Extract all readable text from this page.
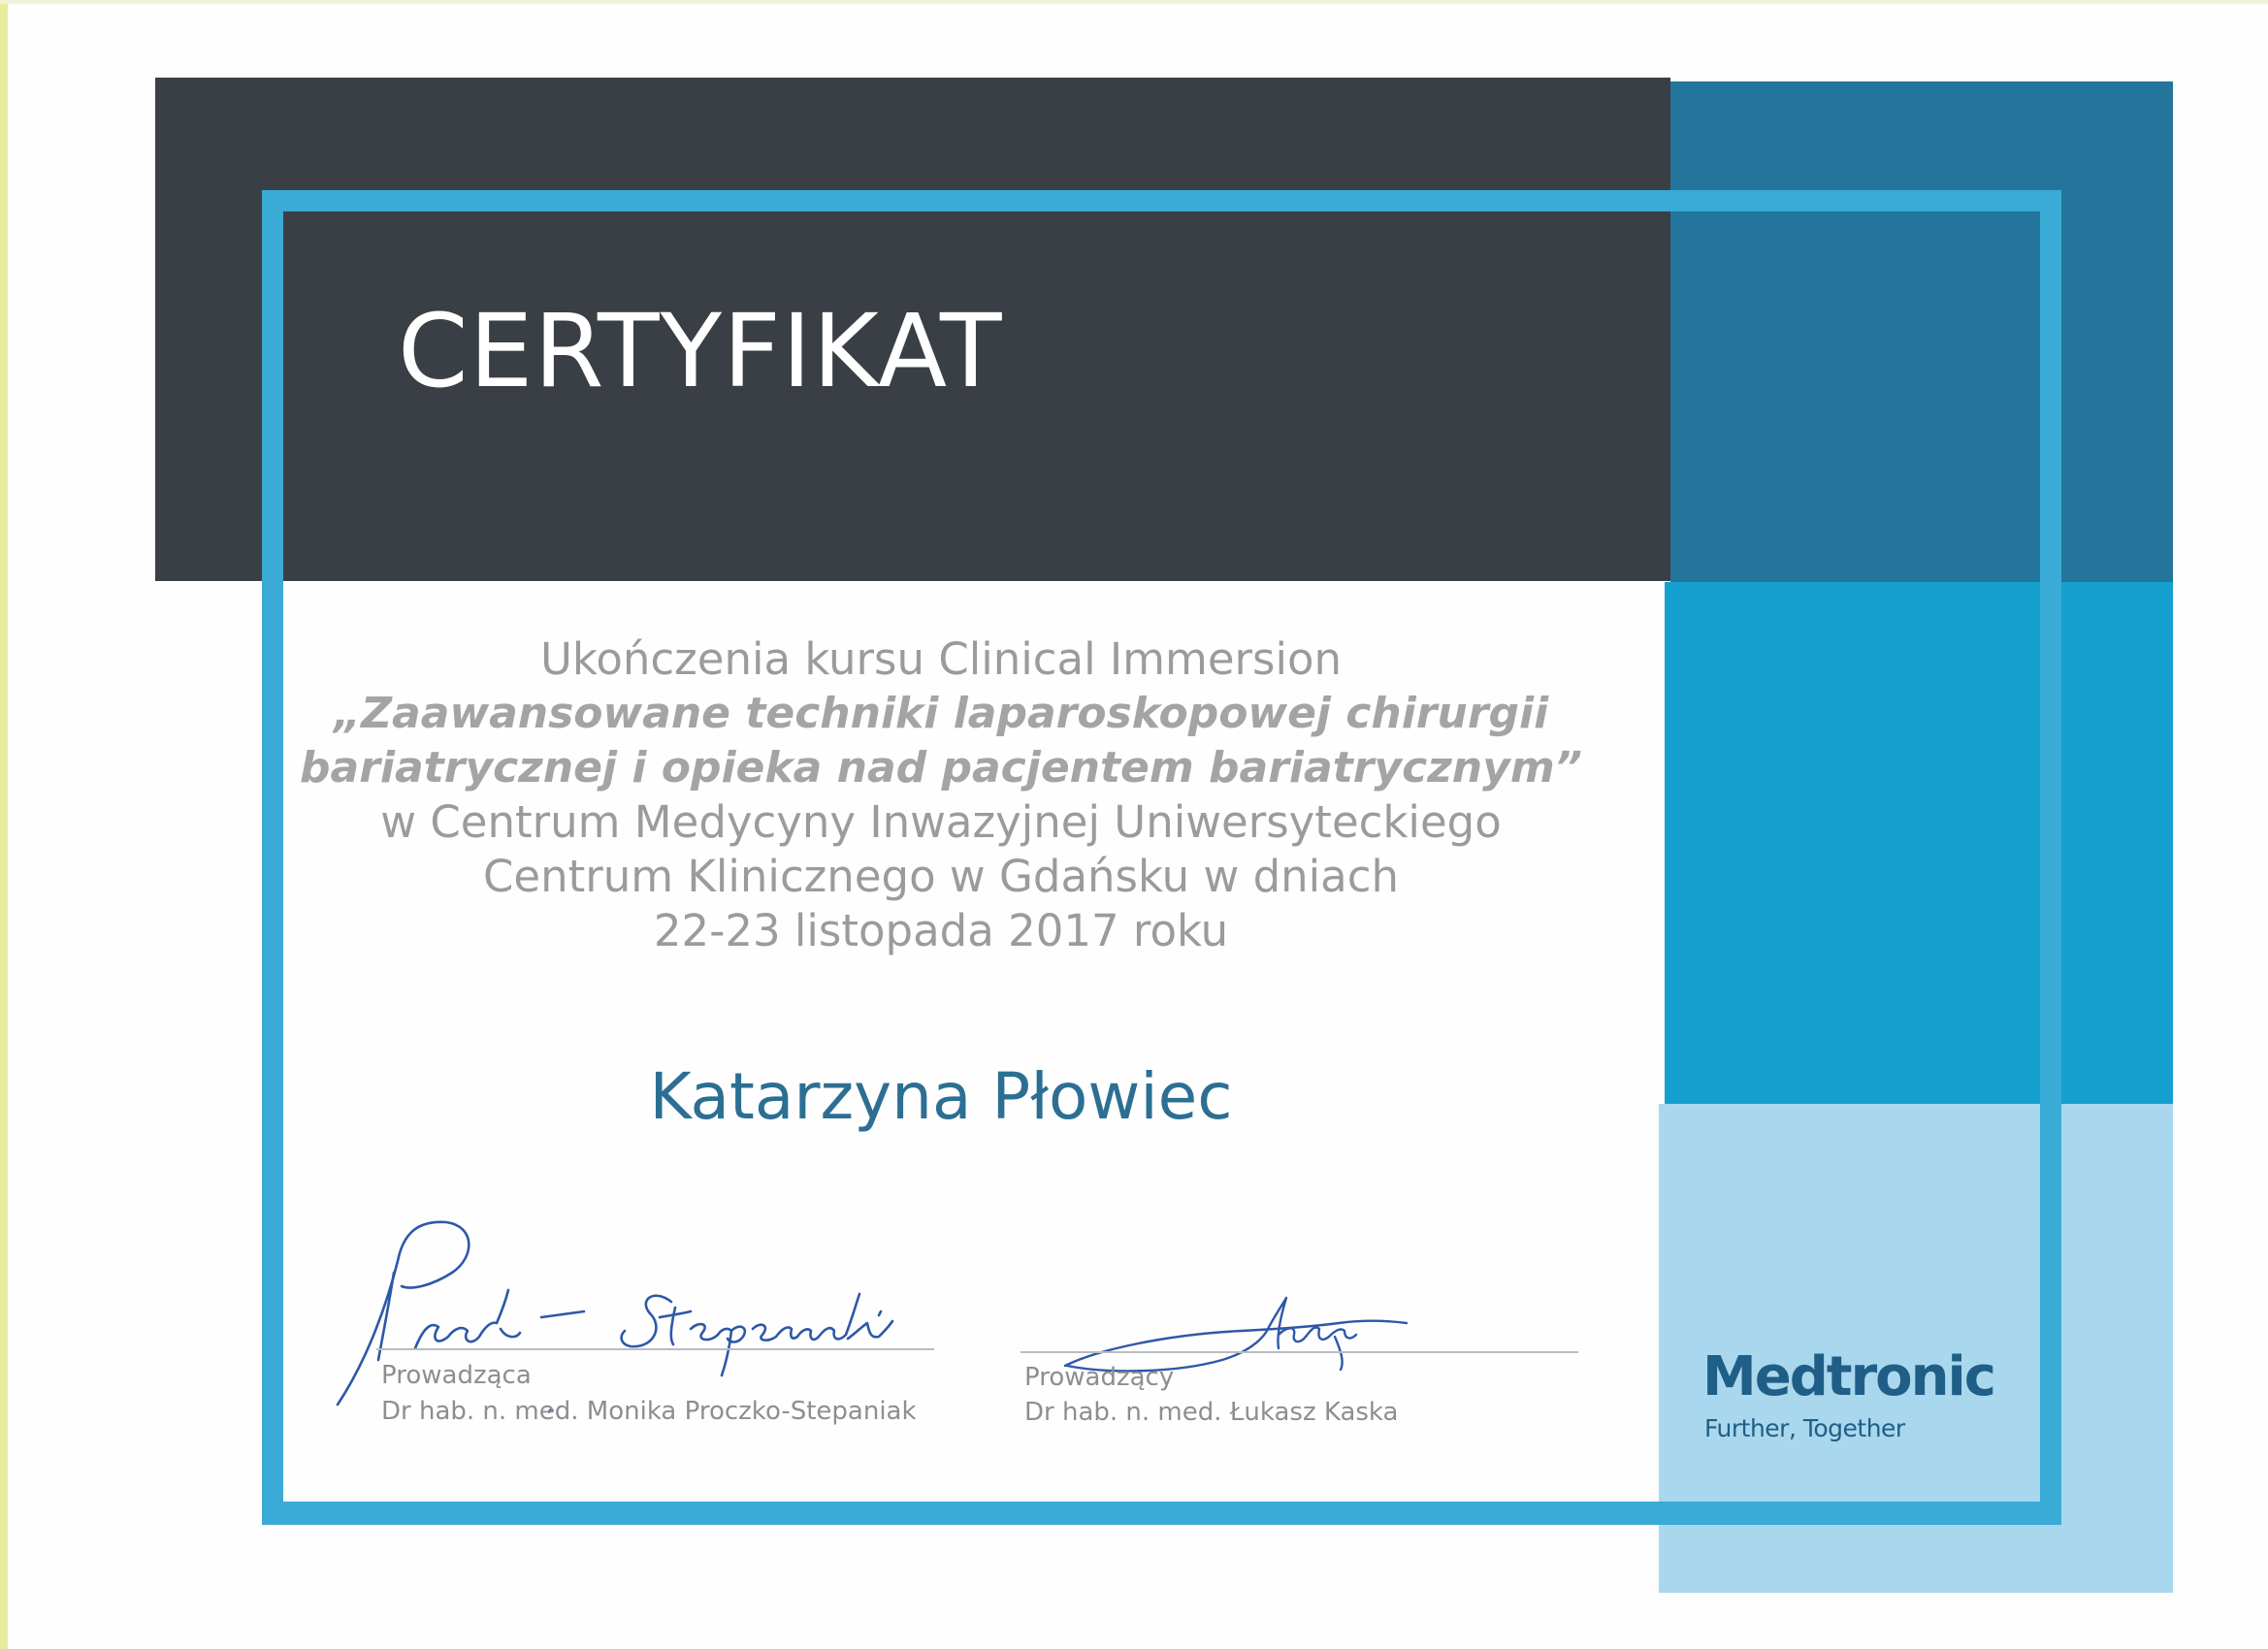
CERTYFIKAT
Ukończenia kursu Clinical Immersion
„Zaawansowane techniki laparoskopowej chirurgii
bariatrycznej i opieka nad pacjentem bariatrycznym”
w Centrum Medycyny Inwazyjnej Uniwersyteckiego
Centrum Klinicznego w Gdańsku w dniach
22-23 listopada 2017 roku
Katarzyna Płowiec
Prowadząca
Dr hab. n. med. Monika Proczko-Stepaniak
Prowadzący
Dr hab. n. med. Łukasz Kaska
Medtronic
Further, Together
